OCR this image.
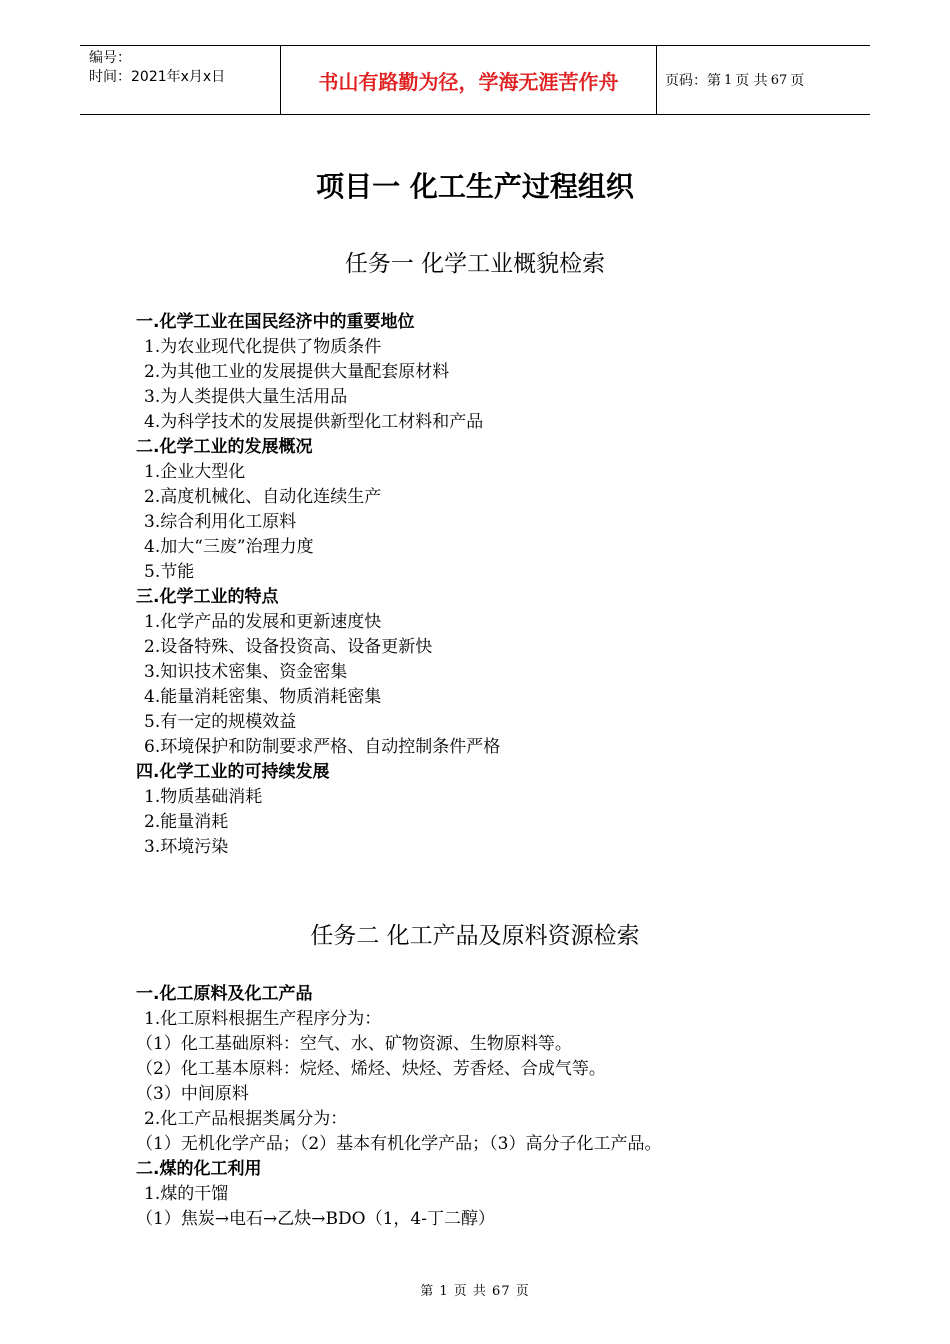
编号：
时间：2021年x月x日	书山有路勤为径，学海无涯苦作舟	页码：第 1 页 共 67 页
项目一 化工生产过程组织
任务一 化学工业概貌检索
一.化学工业在国民经济中的重要地位
1.为农业现代化提供了物质条件
2.为其他工业的发展提供大量配套原材料
3.为人类提供大量生活用品
4.为科学技术的发展提供新型化工材料和产品
二.化学工业的发展概况
1.企业大型化
2.高度机械化、自动化连续生产
3.综合利用化工原料
4.加大“三废”治理力度
5.节能
三.化学工业的特点
1.化学产品的发展和更新速度快
2.设备特殊、设备投资高、设备更新快
3.知识技术密集、资金密集
4.能量消耗密集、物质消耗密集
5.有一定的规模效益
6.环境保护和防制要求严格、自动控制条件严格
四.化学工业的可持续发展
1.物质基础消耗
2.能量消耗
3.环境污染
任务二 化工产品及原料资源检索
一.化工原料及化工产品
1.化工原料根据生产程序分为：
（1）化工基础原料：空气、水、矿物资源、生物原料等。
（2）化工基本原料：烷烃、烯烃、炔烃、芳香烃、合成气等。
（3）中间原料
2.化工产品根据类属分为：
（1）无机化学产品；（2）基本有机化学产品；（3）高分子化工产品。
二.煤的化工利用
1.煤的干馏
（1）焦炭→电石→乙炔→BDO（1，4-丁二醇）
第 1 页 共 67 页
